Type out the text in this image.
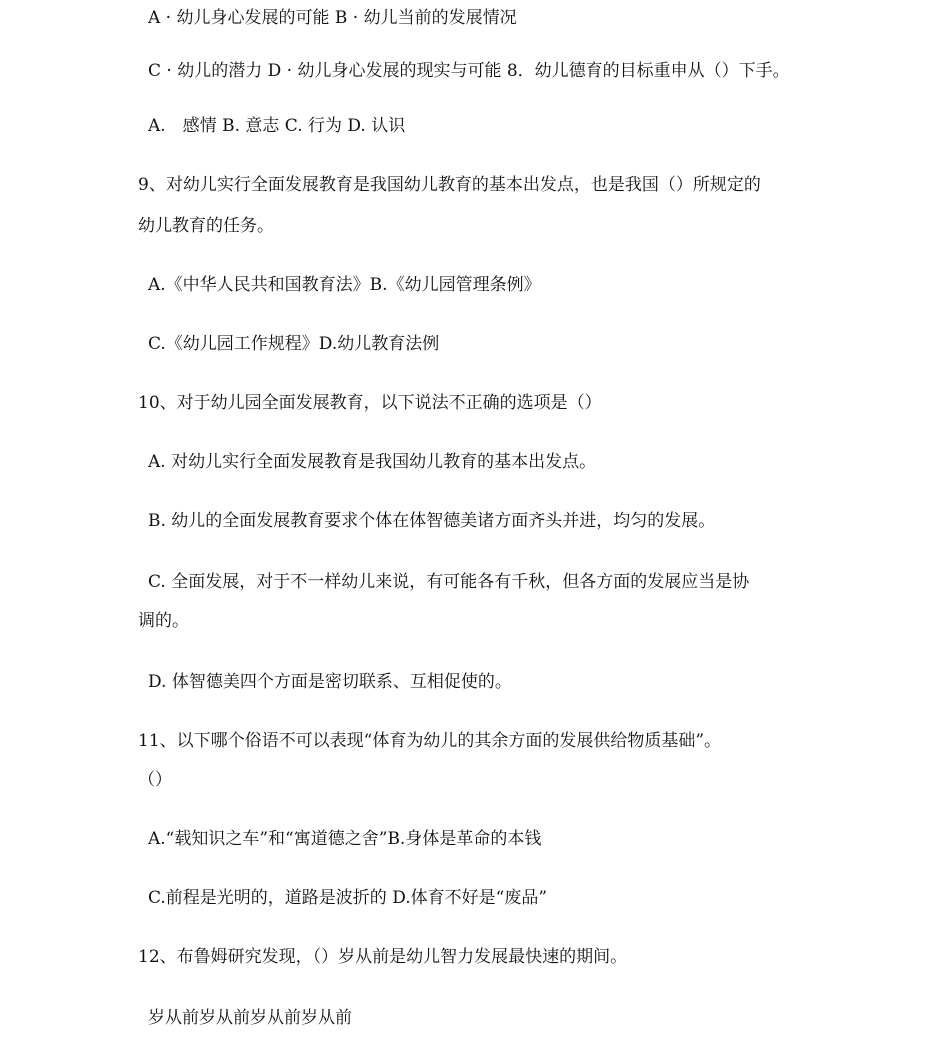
A · 幼儿身心发展的可能 B · 幼儿当前的发展情况
C · 幼儿的潜力 D · 幼儿身心发展的现实与可能 8．幼儿德育的目标重申从（）下手。
A.　感情 B. 意志 C. 行为 D. 认识
9、对幼儿实行全面发展教育是我国幼儿教育的基本出发点，也是我国（）所规定的
幼儿教育的任务。
A.《中华人民共和国教育法》B.《幼儿园管理条例》
C.《幼儿园工作规程》D.幼儿教育法例
10、对于幼儿园全面发展教育，以下说法不正确的选项是（）
A. 对幼儿实行全面发展教育是我国幼儿教育的基本出发点。
B. 幼儿的全面发展教育要求个体在体智德美诸方面齐头并进，均匀的发展。
C. 全面发展，对于不一样幼儿来说，有可能各有千秋，但各方面的发展应当是协
调的。
D. 体智德美四个方面是密切联系、互相促使的。
11、以下哪个俗语不可以表现“体育为幼儿的其余方面的发展供给物质基础”。
（）
A.“载知识之车”和“寓道德之舍”B.身体是革命的本钱
C.前程是光明的，道路是波折的 D.体育不好是“废品”
12、布鲁姆研究发现，（）岁从前是幼儿智力发展最快速的期间。
岁从前岁从前岁从前岁从前
